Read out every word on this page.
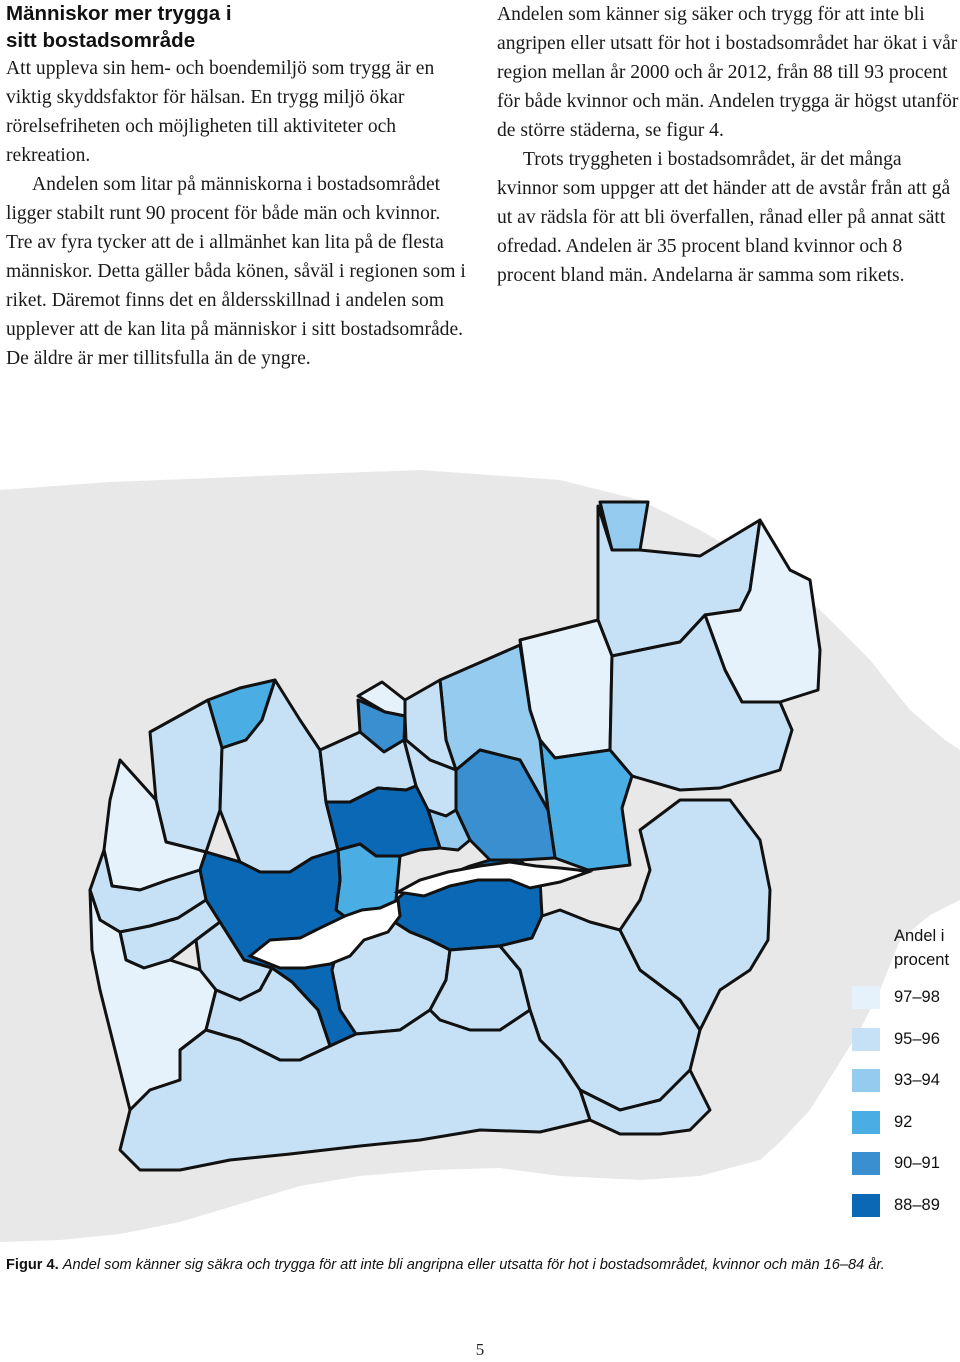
Människor mer trygga i
sitt bostadsområde

Att uppleva sin hem- och boendemiljö som trygg är en viktig skyddsfaktor för hälsan. En trygg miljö ökar rörelsefriheten och möjligheten till aktiviteter och rekreation.

Andelen som litar på människorna i bostadsområdet ligger stabilt runt 90 procent för både män och kvinnor. Tre av fyra tycker att de i allmänhet kan lita på de flesta människor. Detta gäller båda könen, såväl i regionen som i riket. Däremot finns det en åldersskillnad i andelen som upplever att de kan lita på människor i sitt bostadsområde. De äldre är mer tillitsfulla än de yngre.

Andelen som känner sig säker och trygg för att inte bli angripen eller utsatt för hot i bostadsområdet har ökat i vår region mellan år 2000 och år 2012, från 88 till 93 procent för både kvinnor och män. Andelen trygga är högst utanför de större städerna, se figur 4.

Trots tryggheten i bostadsområdet, är det många kvinnor som uppger att det händer att de avstår från att gå ut av rädsla för att bli överfallen, rånad eller på annat sätt ofredad. Andelen är 35 procent bland kvinnor och 8 procent bland män. Andelarna är samma som rikets.

Andel i procent
97–98
95–96
93–94
92
90–91
88–89
Figur 4. Andel som känner sig säkra och trygga för att inte bli angripna eller utsatta för hot i bostadsområdet, kvinnor och män 16–84 år.
5
